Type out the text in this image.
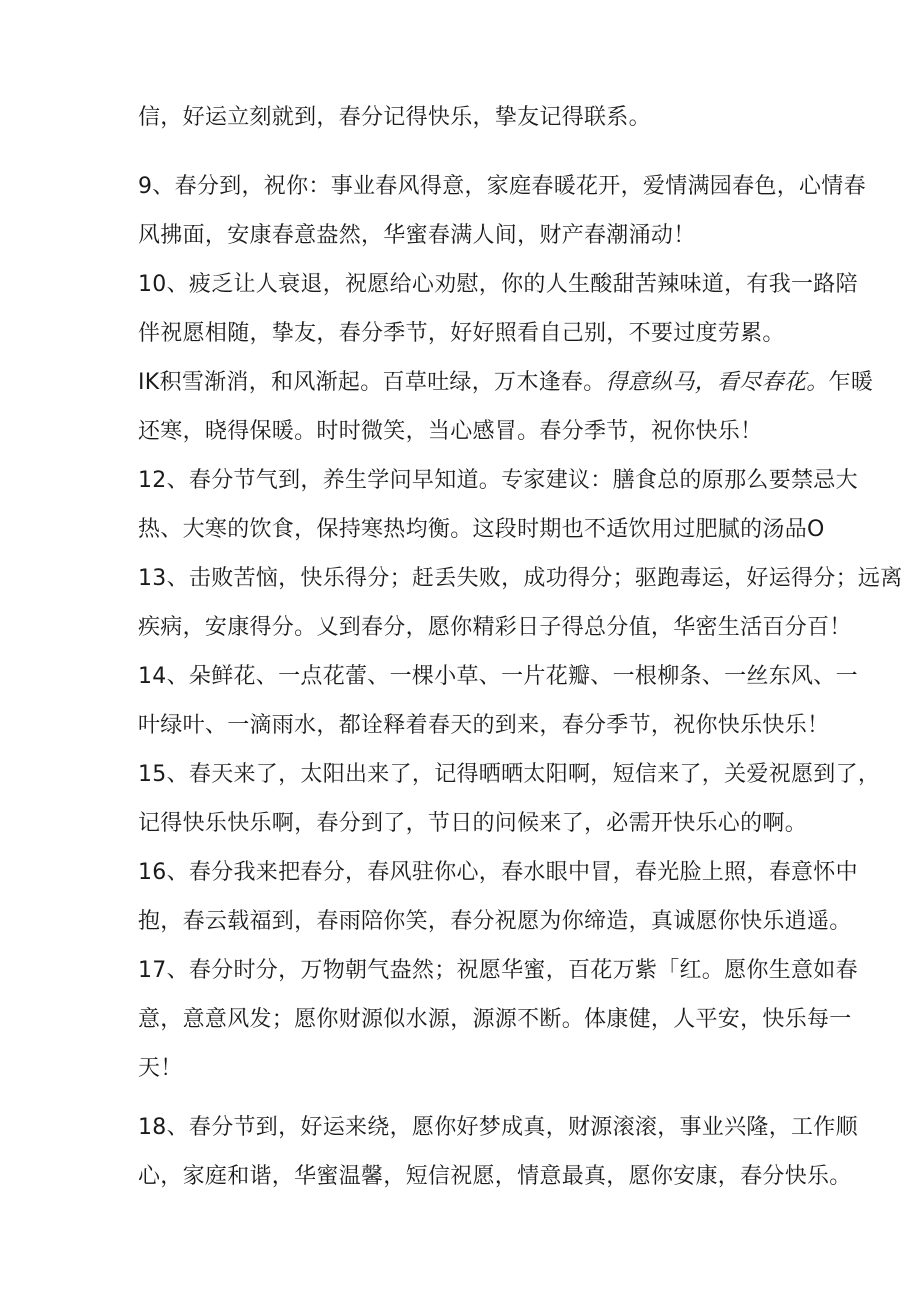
信，好运立刻就到，春分记得快乐，挚友记得联系。
9、春分到，祝你：事业春风得意，家庭春暖花开，爱情满园春色，心情春
风拂面，安康春意盎然，华蜜春满人间，财产春潮涌动！
10、疲乏让人衰退，祝愿给心劝慰，你的人生酸甜苦辣味道，有我一路陪
伴祝愿相随，挚友，春分季节，好好照看自己别，不要过度劳累。
IK积雪渐消，和风渐起。百草吐绿，万木逢春。得意纵马，看尽春花。乍暖
还寒，晓得保暖。时时微笑，当心感冒。春分季节，祝你快乐！
12、春分节气到，养生学问早知道。专家建议：膳食总的原那么要禁忌大
热、大寒的饮食，保持寒热均衡。这段时期也不适饮用过肥腻的汤品O
13、击败苦恼，快乐得分；赶丢失败，成功得分；驱跑毒运，好运得分；远离
疾病，安康得分。乂到春分，愿你精彩日子得总分值，华密生活百分百！
14、朵鲜花、一点花蕾、一棵小草、一片花瓣、一根柳条、一丝东风、一
叶绿叶、一滴雨水，都诠释着春天的到来，春分季节，祝你快乐快乐！
15、春天来了，太阳出来了，记得晒晒太阳啊，短信来了，关爱祝愿到了，
记得快乐快乐啊，春分到了，节日的问候来了，必需开快乐心的啊。
16、春分我来把春分，春风驻你心，春水眼中冒，春光脸上照，春意怀中
抱，春云载福到，春雨陪你笑，春分祝愿为你缔造，真诚愿你快乐逍遥。
17、春分时分，万物朝气盎然；祝愿华蜜，百花万紫「红。愿你生意如春
意，意意风发；愿你财源似水源，源源不断。体康健，人平安，快乐每一
天！
18、春分节到，好运来绕，愿你好梦成真，财源滚滚，事业兴隆，工作顺
心，家庭和谐，华蜜温馨，短信祝愿，情意最真，愿你安康，春分快乐。
